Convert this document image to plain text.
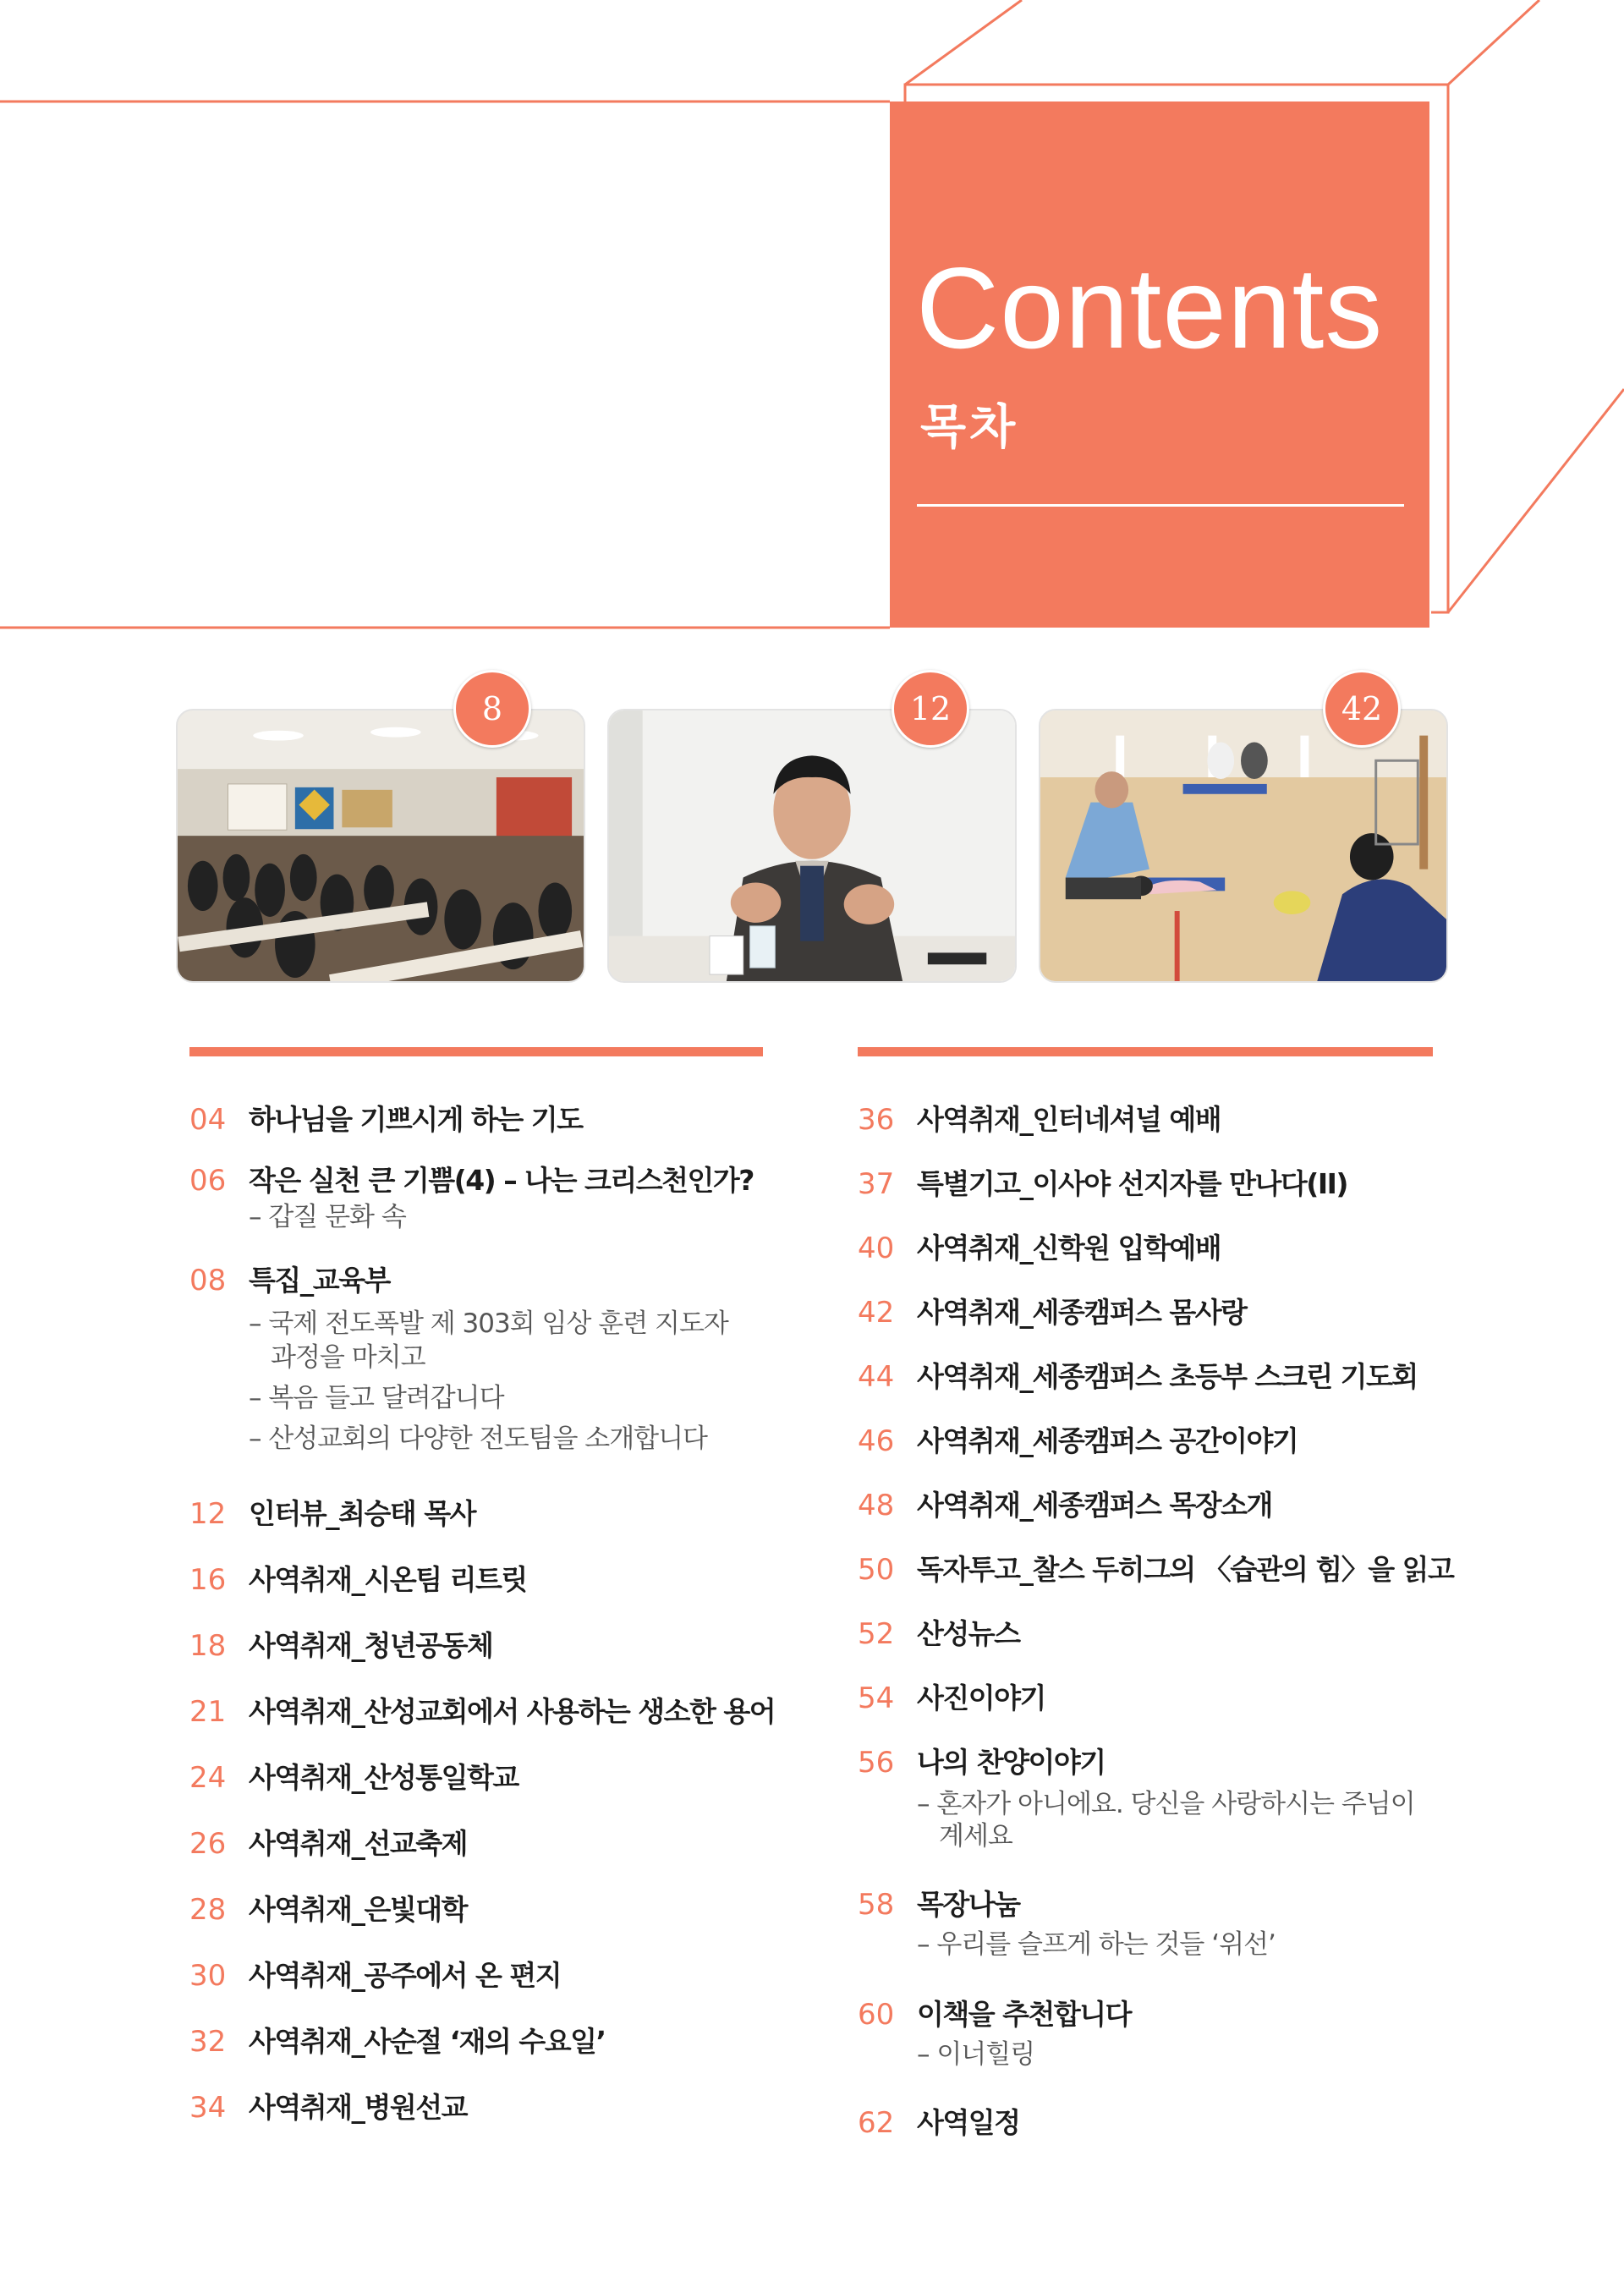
Contents
목차
8	12	42
04 하나님을 기쁘시게 하는 기도
06 작은 실천 큰 기쁨(4) – 나는 크리스천인가?
– 갑질 문화 속
08 특집_교육부
– 국제 전도폭발 제 303회 임상 훈련 지도자
과정을 마치고
– 복음 들고 달려갑니다
– 산성교회의 다양한 전도팀을 소개합니다
12 인터뷰_최승태 목사
16 사역취재_시온팀 리트릿
18 사역취재_청년공동체
21 사역취재_산성교회에서 사용하는 생소한 용어
24 사역취재_산성통일학교
26 사역취재_선교축제
28 사역취재_은빛대학
30 사역취재_공주에서 온 편지
32 사역취재_사순절 ‘재의 수요일’
34 사역취재_병원선교
36 사역취재_인터네셔널 예배
37 특별기고_이사야 선지자를 만나다(II)
40 사역취재_신학원 입학예배
42 사역취재_세종캠퍼스 몸사랑
44 사역취재_세종캠퍼스 초등부 스크린 기도회
46 사역취재_세종캠퍼스 공간이야기
48 사역취재_세종캠퍼스 목장소개
50 독자투고_찰스 두히그의 〈습관의 힘〉을 읽고
52 산성뉴스
54 사진이야기
56 나의 찬양이야기
– 혼자가 아니에요. 당신을 사랑하시는 주님이
계세요
58 목장나눔
– 우리를 슬프게 하는 것들 ‘위선’
60 이책을 추천합니다
– 이너힐링
62 사역일정
